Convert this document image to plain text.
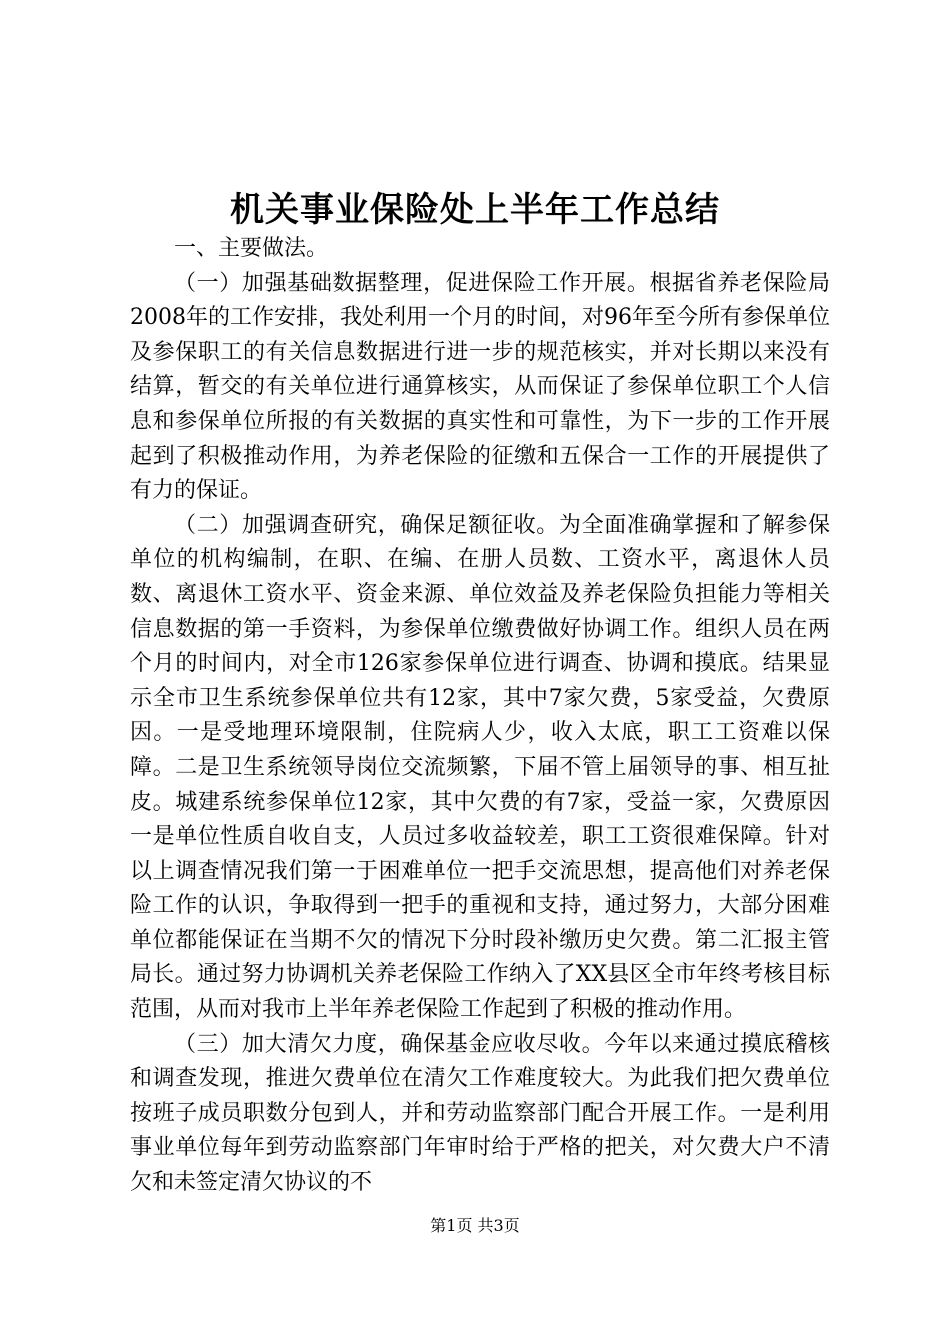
机关事业保险处上半年工作总结

一、主要做法。

（一）加强基础数据整理，促进保险工作开展。根据省养老保险局2008年的工作安排，我处利用一个月的时间，对96年至今所有参保单位及参保职工的有关信息数据进行进一步的规范核实，并对长期以来没有结算，暂交的有关单位进行通算核实，从而保证了参保单位职工个人信息和参保单位所报的有关数据的真实性和可靠性，为下一步的工作开展起到了积极推动作用，为养老保险的征缴和五保合一工作的开展提供了有力的保证。

（二）加强调查研究，确保足额征收。为全面准确掌握和了解参保单位的机构编制，在职、在编、在册人员数、工资水平，离退休人员数、离退休工资水平、资金来源、单位效益及养老保险负担能力等相关信息数据的第一手资料，为参保单位缴费做好协调工作。组织人员在两个月的时间内，对全市126家参保单位进行调查、协调和摸底。结果显示全市卫生系统参保单位共有12家，其中7家欠费，5家受益，欠费原因。一是受地理环境限制，住院病人少，收入太底，职工工资难以保障。二是卫生系统领导岗位交流频繁，下届不管上届领导的事、相互扯皮。城建系统参保单位12家，其中欠费的有7家，受益一家，欠费原因一是单位性质自收自支，人员过多收益较差，职工工资很难保障。针对以上调查情况我们第一于困难单位一把手交流思想，提高他们对养老保险工作的认识，争取得到一把手的重视和支持，通过努力，大部分困难单位都能保证在当期不欠的情况下分时段补缴历史欠费。第二汇报主管局长。通过努力协调机关养老保险工作纳入了XX县区全市年终考核目标范围，从而对我市上半年养老保险工作起到了积极的推动作用。

（三）加大清欠力度，确保基金应收尽收。今年以来通过摸底稽核和调查发现，推进欠费单位在清欠工作难度较大。为此我们把欠费单位按班子成员职数分包到人，并和劳动监察部门配合开展工作。一是利用事业单位每年到劳动监察部门年审时给于严格的把关，对欠费大户不清欠和未签定清欠协议的不

第1页 共3页
